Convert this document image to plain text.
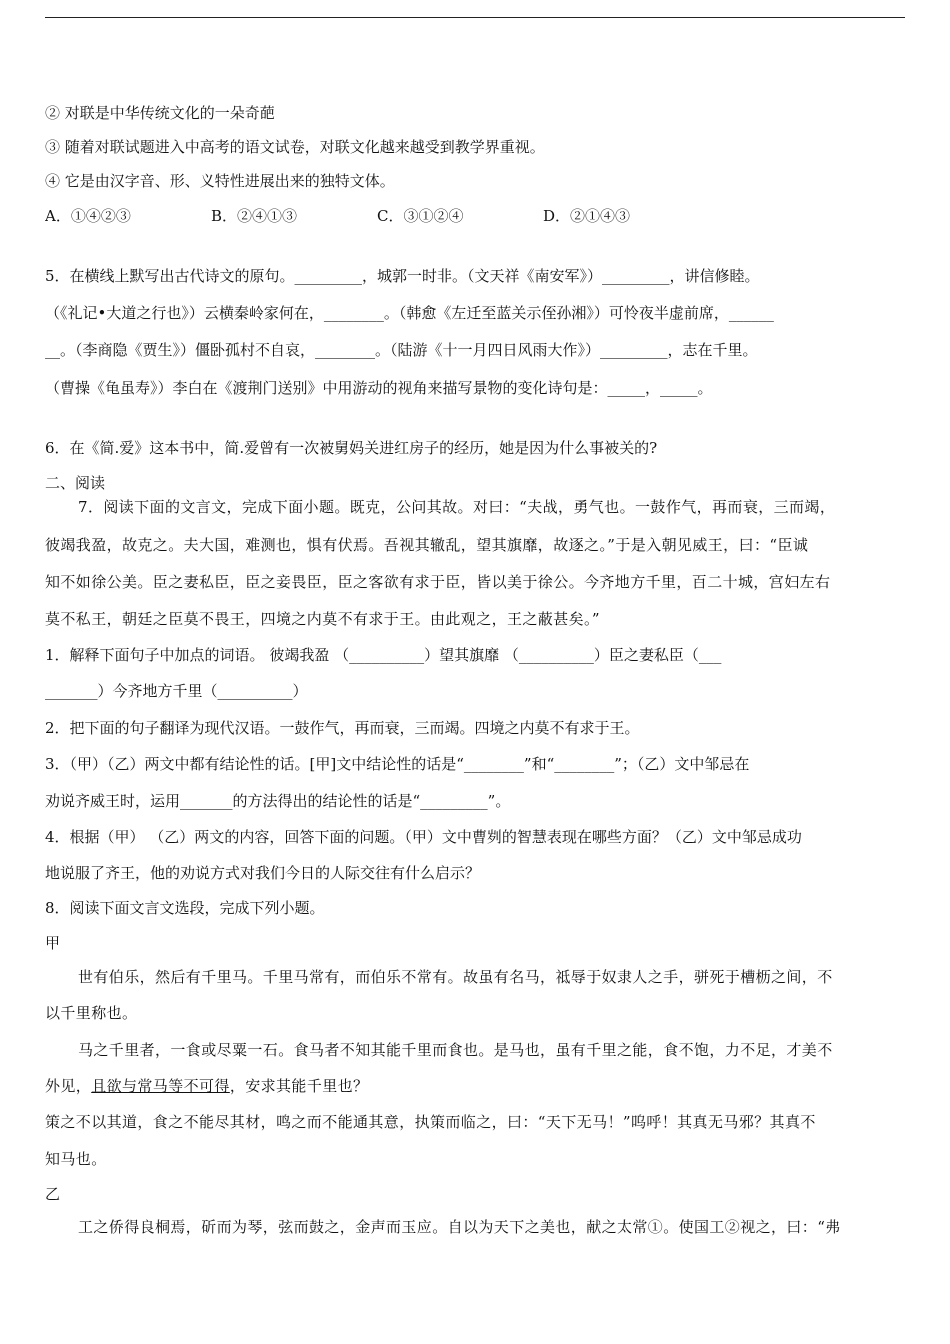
② 对联是中华传统文化的一朵奇葩
③ 随着对联试题进入中高考的语文试卷，对联文化越来越受到教学界重视。
④ 它是由汉字音、形、义特性进展出来的独特文体。
A．①④②③	B．②④①③	C．③①②④	D．②①④③
5．在横线上默写出古代诗文的原句。_________，城郭一时非。（文天祥《南安军》）_________，讲信修睦。
（《礼记•大道之行也》）云横秦岭家何在，________。（韩愈《左迁至蓝关示侄孙湘》）可怜夜半虚前席，______
__。（李商隐《贾生》）僵卧孤村不自哀，________。（陆游《十一月四日风雨大作》）_________，志在千里。
（曹操《龟虽寿》）李白在《渡荆门送别》中用游动的视角来描写景物的变化诗句是：_____，_____。
6．在《简.爱》这本书中，简.爱曾有一次被舅妈关进红房子的经历，她是因为什么事被关的?
二、阅读
7．阅读下面的文言文，完成下面小题。既克，公问其故。对曰：“夫战，勇气也。一鼓作气，再而衰，三而竭，
彼竭我盈，故克之。夫大国，难测也，惧有伏焉。吾视其辙乱，望其旗靡，故逐之。”于是入朝见威王，曰：“臣诚
知不如徐公美。臣之妻私臣，臣之妾畏臣，臣之客欲有求于臣，皆以美于徐公。今齐地方千里，百二十城，宫妇左右
莫不私王，朝廷之臣莫不畏王，四境之内莫不有求于王。由此观之，王之蔽甚矣。”
1．解释下面句子中加点的词语。 彼竭我盈 （__________）望其旗靡 （__________）臣之妻私臣（___
_______）今齐地方千里（__________）
2．把下面的句子翻译为现代汉语。一鼓作气，再而衰，三而竭。四境之内莫不有求于王。
3．（甲）（乙）两文中都有结论性的话。[甲]文中结论性的话是“________”和“________”；（乙）文中邹忌在
劝说齐威王时，运用_______的方法得出的结论性的话是“_________”。
4．根据（甲） （乙）两文的内容，回答下面的问题。（甲）文中曹刿的智慧表现在哪些方面？（乙）文中邹忌成功
地说服了齐王，他的劝说方式对我们今日的人际交往有什么启示？
8．阅读下面文言文选段，完成下列小题。
甲
世有伯乐，然后有千里马。千里马常有，而伯乐不常有。故虽有名马，祗辱于奴隶人之手，骈死于槽枥之间，不
以千里称也。
马之千里者，一食或尽粟一石。食马者不知其能千里而食也。是马也，虽有千里之能，食不饱，力不足，才美不
外见，且欲与常马等不可得，安求其能千里也？
策之不以其道，食之不能尽其材，鸣之而不能通其意，执策而临之，曰：“天下无马！”呜呼！其真无马邪？其真不
知马也。
乙
工之侨得良桐焉，斫而为琴，弦而鼓之，金声而玉应。自以为天下之美也，献之太常①。使国工②视之，曰：“弗
